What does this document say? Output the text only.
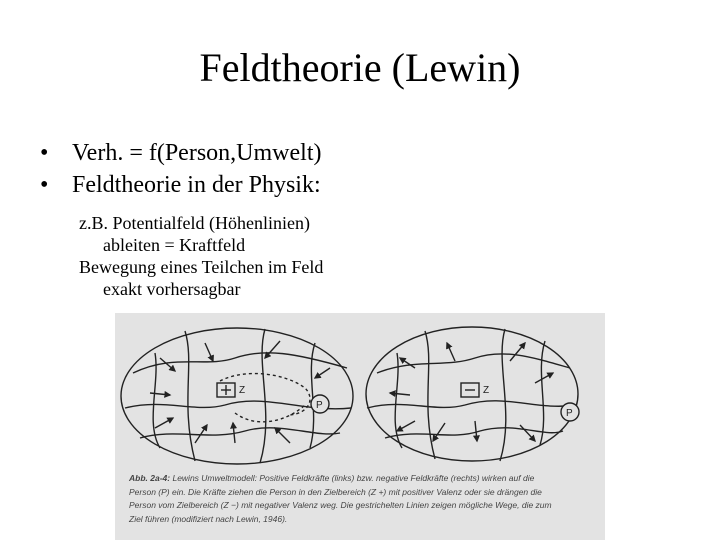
Feldtheorie (Lewin)
• Verh. = f(Person,Umwelt)
• Feldtheorie in der Physik:
z.B. Potentialfeld (Höhenlinien)
ableiten = Kraftfeld
Bewegung eines Teilchen im Feld
exakt vorhersagbar
Z
P
Z
P
Abb. 2a-4: Lewins Umweltmodell: Positive Feldkräfte (links) bzw. negative Feldkräfte (rechts) wirken auf die
Person (P) ein. Die Kräfte ziehen die Person in den Zielbereich (Z +) mit positiver Valenz oder sie drängen die
Person vom Zielbereich (Z −) mit negativer Valenz weg. Die gestrichelten Linien zeigen mögliche Wege, die zum
Ziel führen (modifiziert nach Lewin, 1946).
